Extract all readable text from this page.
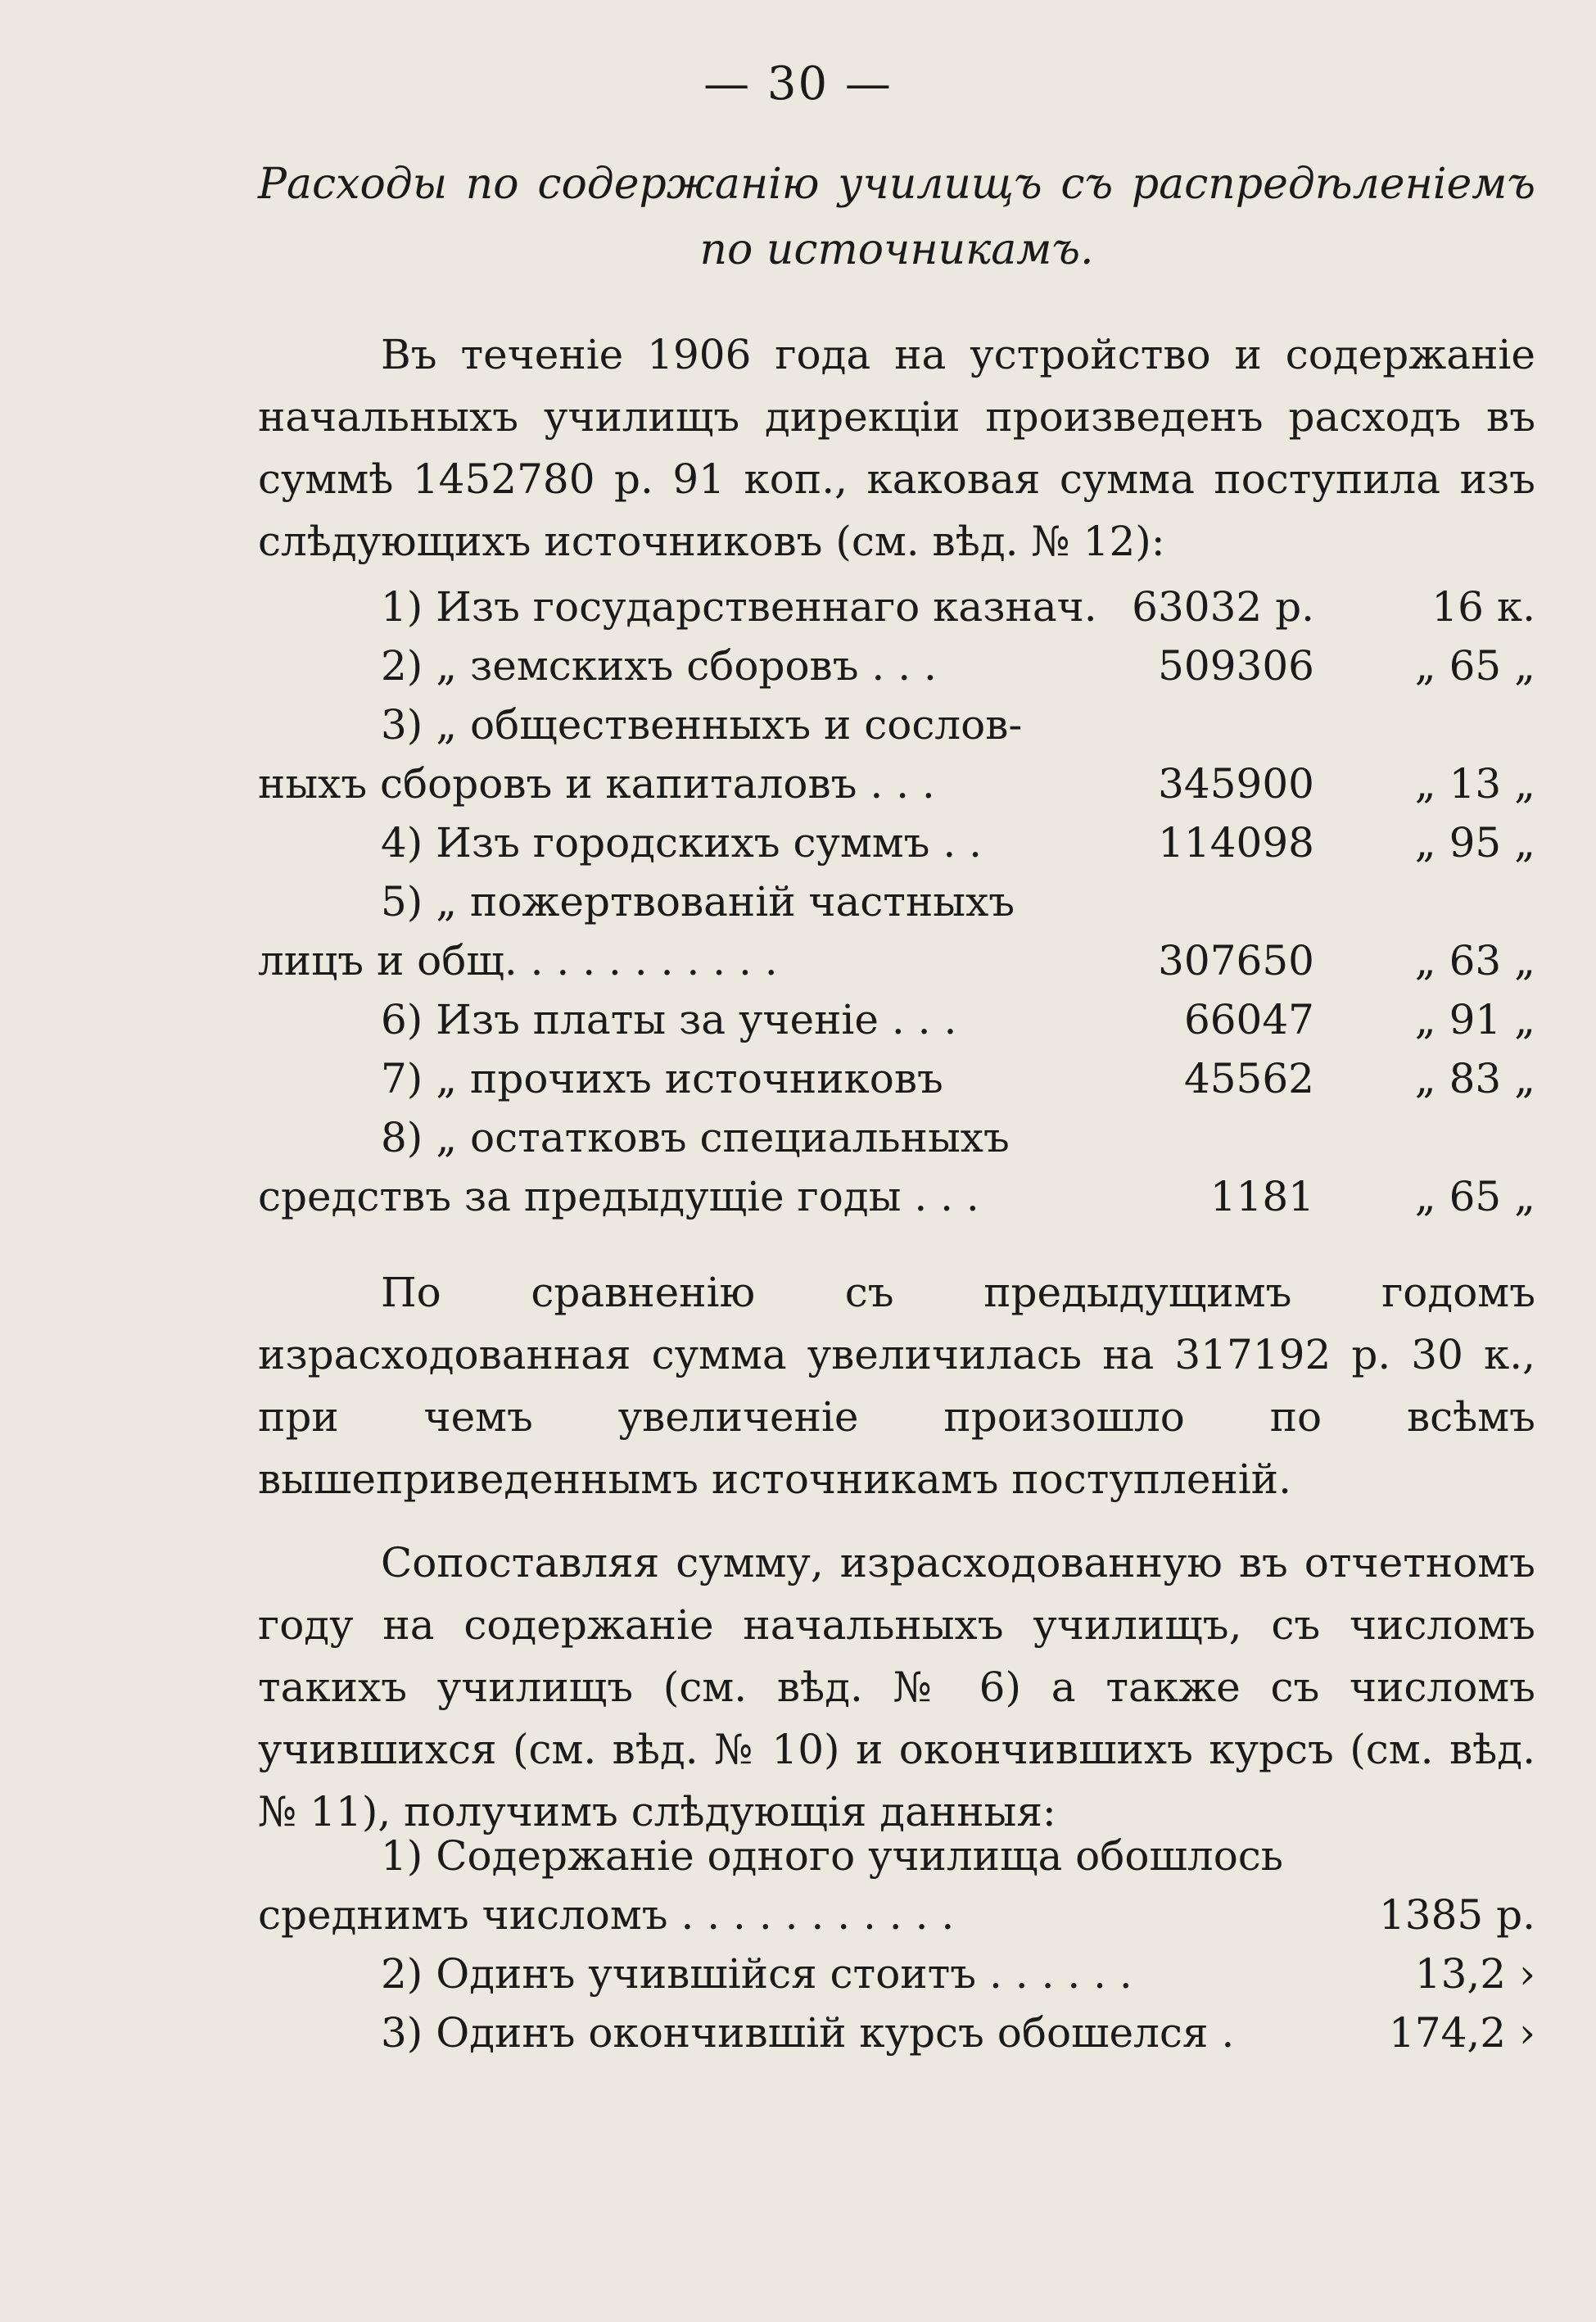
— 30 —
Расходы по содержанію училищъ съ распредѣленіемъ по источникамъ.
Въ теченіе 1906 года на устройство и содержаніе начальныхъ училищъ дирекціи произведенъ расходъ въ суммѣ 1452780 р. 91 коп., каковая сумма поступила изъ слѣдующихъ источниковъ (см. вѣд. № 12):
1) Изъ государственнаго казнач. 63032 р.	16 к.
2) „ земскихъ сборовъ . . .	509306	„ 65 „
3) „ общественныхъ и сослов-
ныхъ сборовъ и капиталовъ . . .	345900	„ 13 „
4) Изъ городскихъ суммъ . .	114098	„ 95 „
5) „ пожертвованій частныхъ
лицъ и общ. . . . . . . . . . .	307650	„ 63 „
6) Изъ платы за ученіе . . .	66047	„ 91 „
7) „ прочихъ источниковъ	45562	„ 83 „
8) „ остатковъ специальныхъ
средствъ за предыдущіе годы . . .	1181	„ 65 „
По сравненію съ предыдущимъ годомъ израсходованная сумма увеличилась на 317192 р. 30 к., при чемъ увеличеніе произошло по всѣмъ вышеприведеннымъ источникамъ поступленій.
Сопоставляя сумму, израсходованную въ отчетномъ году на содержаніе начальныхъ училищъ, съ числомъ такихъ училищъ (см. вѣд. № 6) а также съ числомъ учившихся (см. вѣд. № 10) и окончившихъ курсъ (см. вѣд. № 11), получимъ слѣдующія данныя:
1) Содержаніе одного училища обошлось
среднимъ числомъ . . . . . . . . . . .	1385 р.
2) Одинъ учившійся стоитъ . . . . . .	13,2 ›
3) Одинъ окончившій курсъ обошелся .	174,2 ›
